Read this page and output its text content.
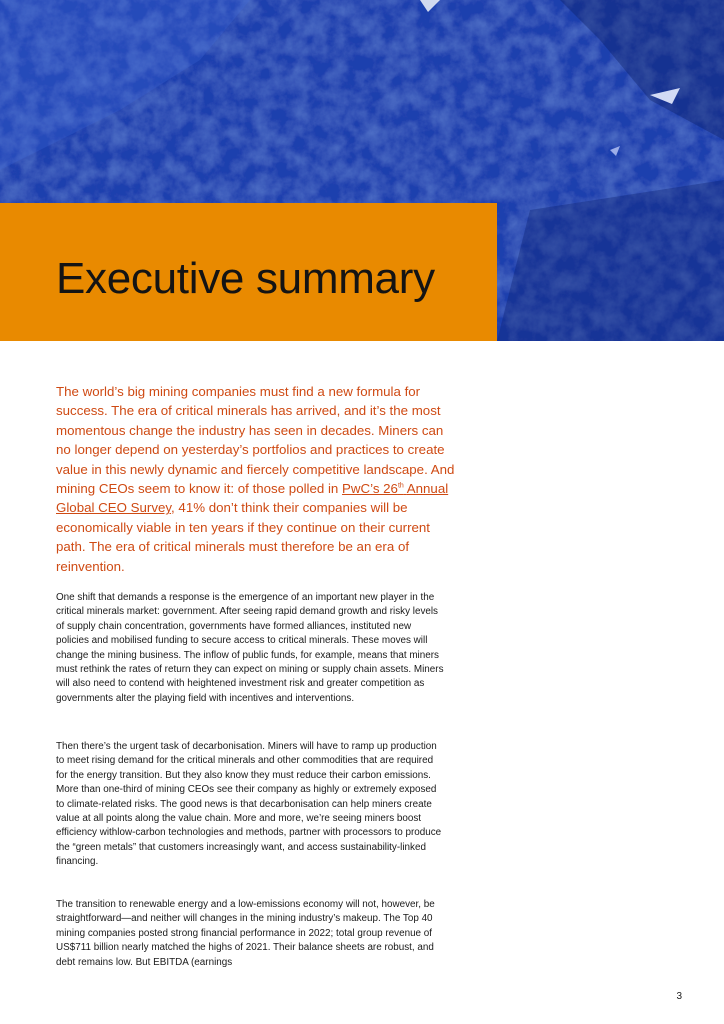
Executive summary

The world’s big mining companies must find a new formula for success. The era of critical minerals has arrived, and it’s the most momentous change the industry has seen in decades. Miners can no longer depend on yesterday’s portfolios and practices to create value in this newly dynamic and fiercely competitive landscape. And mining CEOs seem to know it: of those polled in PwC’s 26th Annual Global CEO Survey, 41% don’t think their companies will be economically viable in ten years if they continue on their current path. The era of critical minerals must therefore be an era of reinvention.

One shift that demands a response is the emergence of an important new player in the critical minerals market: government. After seeing rapid demand growth and risky levels of supply chain concentration, governments have formed alliances, instituted new policies and mobilised funding to secure access to critical minerals. These moves will change the mining business. The inflow of public funds, for example, means that miners must rethink the rates of return they can expect on mining or supply chain assets. Miners will also need to contend with heightened investment risk and greater competition as governments alter the playing field with incentives and interventions.

Then there’s the urgent task of decarbonisation. Miners will have to ramp up production to meet rising demand for the critical minerals and other commodities that are required for the energy transition. But they also know they must reduce their carbon emissions. More than one-third of mining CEOs see their company as highly or extremely exposed to climate-related risks. The good news is that decarbonisation can help miners create value at all points along the value chain. More and more, we’re seeing miners boost efficiency withlow-carbon technologies and methods, partner with processors to produce the “green metals” that customers increasingly want, and access sustainability-linked financing.

The transition to renewable energy and a low-emissions economy will not, however, be straightforward—and neither will changes in the mining industry’s makeup. The Top 40 mining companies posted strong financial performance in 2022; total group revenue of US$711 billion nearly matched the highs of 2021. Their balance sheets are robust, and debt remains low. But EBITDA (earnings

3
